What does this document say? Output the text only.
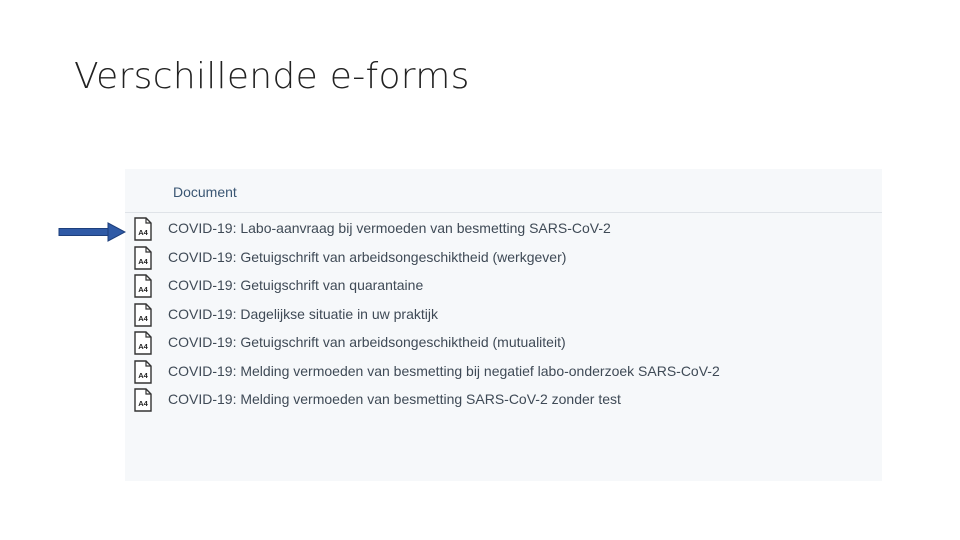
Verschillende e-forms
Document
A4 COVID-19: Labo-aanvraag bij vermoeden van besmetting SARS-CoV-2
A4 COVID-19: Getuigschrift van arbeidsongeschiktheid (werkgever)
A4 COVID-19: Getuigschrift van quarantaine
A4 COVID-19: Dagelijkse situatie in uw praktijk
A4 COVID-19: Getuigschrift van arbeidsongeschiktheid (mutualiteit)
A4 COVID-19: Melding vermoeden van besmetting bij negatief labo-onderzoek SARS-CoV-2
A4 COVID-19: Melding vermoeden van besmetting SARS-CoV-2 zonder test
